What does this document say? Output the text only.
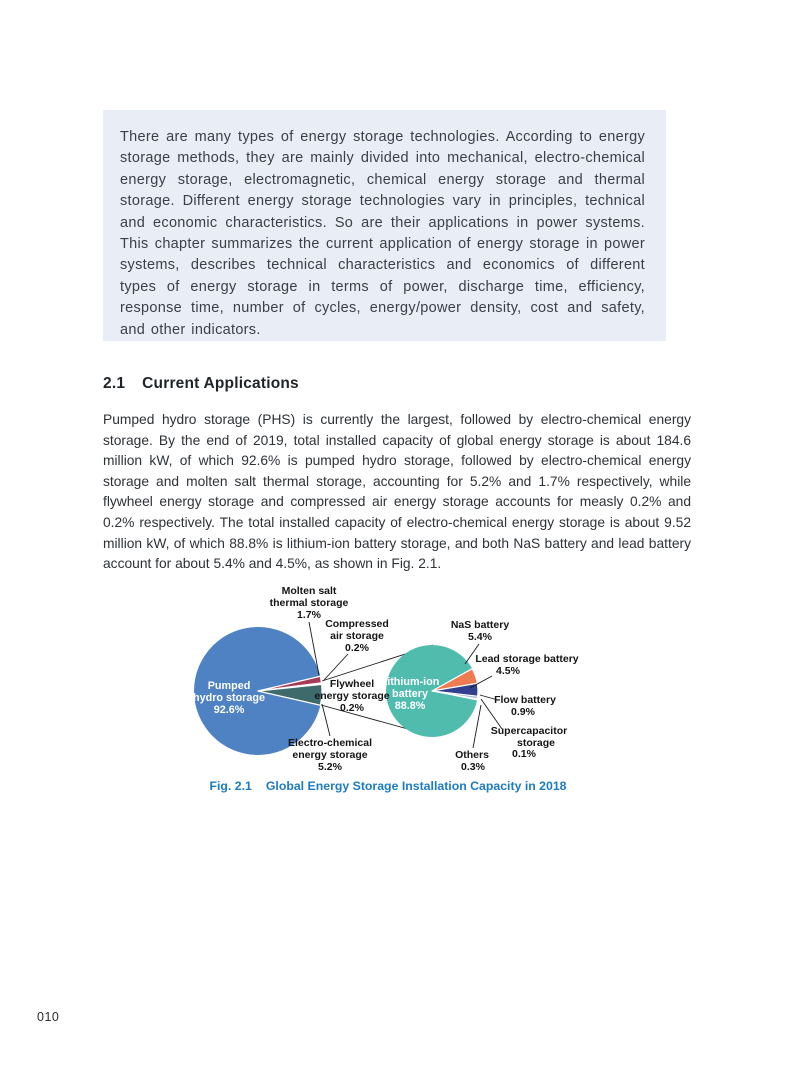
There are many types of energy storage technologies. According to energy storage methods, they are mainly divided into mechanical, electro-chemical energy storage, electromagnetic, chemical energy storage and thermal storage. Different energy storage technologies vary in principles, technical and economic characteristics. So are their applications in power systems. This chapter summarizes the current application of energy storage in power systems, describes technical characteristics and economics of different types of energy storage in terms of power, discharge time, efficiency, response time, number of cycles, energy/power density, cost and safety, and other indicators.

2.1 Current Applications

Pumped hydro storage (PHS) is currently the largest, followed by electro-chemical energy storage. By the end of 2019, total installed capacity of global energy storage is about 184.6 million kW, of which 92.6% is pumped hydro storage, followed by electro-chemical energy storage and molten salt thermal storage, accounting for 5.2% and 1.7% respectively, while flywheel energy storage and compressed air energy storage accounts for measly 0.2% and 0.2% respectively. The total installed capacity of electro-chemical energy storage is about 9.52 million kW, of which 88.8% is lithium-ion battery storage, and both NaS battery and lead battery account for about 5.4% and 4.5%, as shown in Fig. 2.1.

Pumped
hydro storage
92.6%
Lithium-ion
battery
88.8%
Molten salt
thermal storage
1.7%
Compressed
air storage
0.2%
Flywheel
energy storage
0.2%
Electro-chemical
energy storage
5.2%
NaS battery
5.4%
Lead storage battery
4.5%
Flow battery
0.9%
Supercapacitor
storage
0.1%
Others
0.3%
Fig. 2.1 Global Energy Storage Installation Capacity in 2018
010
